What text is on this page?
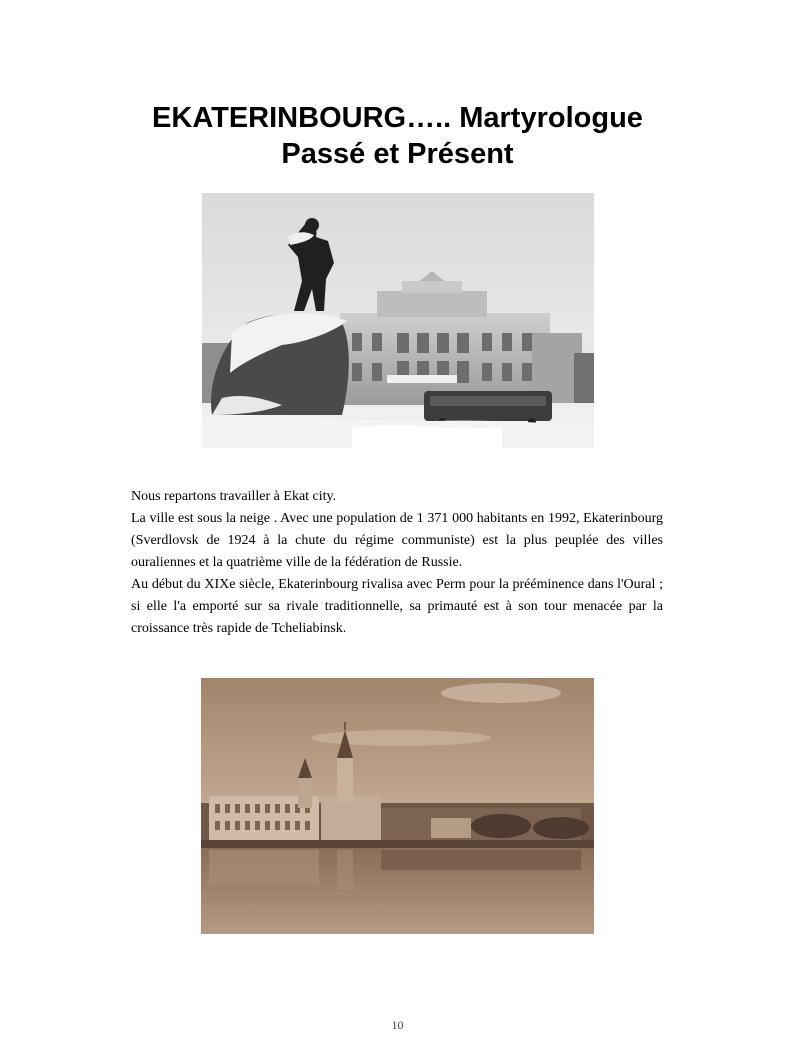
EKATERINBOURG….. Martyrologue
Passé et Présent

Nous repartons travailler à Ekat city.

La ville est sous la neige . Avec une population de 1 371 000 habitants en 1992, Ekaterinbourg (Sverdlovsk de 1924 à la chute du régime communiste) est la plus peuplée des villes ouraliennes et la quatrième ville de la fédération de Russie.

Au début du XIXe siècle, Ekaterinbourg rivalisa avec Perm pour la prééminence dans l'Oural ; si elle l'a emporté sur sa rivale traditionnelle, sa primauté est à son tour menacée par la croissance très rapide de Tcheliabinsk.

10
